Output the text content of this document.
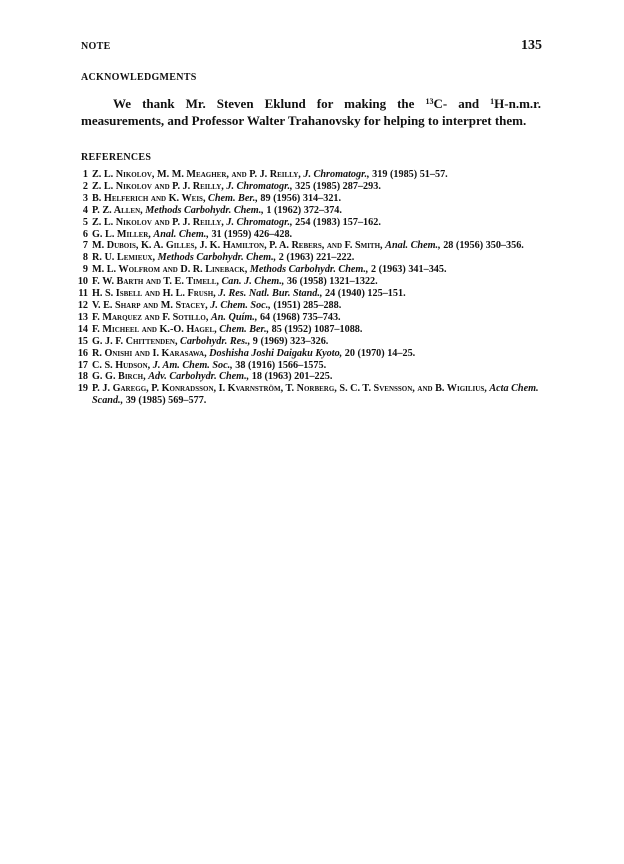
NOTE	135
ACKNOWLEDGMENTS

We thank Mr. Steven Eklund for making the $^{13}$C- and $^1$H-n.m.r. measurements, and Professor Walter Trahanovsky for helping to interpret them.

REFERENCES
1 Z. L. Nikolov, M. M. Meagher, and P. J. Reilly, J. Chromatogr., 319 (1985) 51–57.
2 Z. L. Nikolov and P. J. Reilly, J. Chromatogr., 325 (1985) 287–293.
3 B. Helferich and K. Weis, Chem. Ber., 89 (1956) 314–321.
4 P. Z. Allen, Methods Carbohydr. Chem., 1 (1962) 372–374.
5 Z. L. Nikolov and P. J. Reilly, J. Chromatogr., 254 (1983) 157–162.
6 G. L. Miller, Anal. Chem., 31 (1959) 426–428.
7 M. Dubois, K. A. Gilles, J. K. Hamilton, P. A. Rebers, and F. Smith, Anal. Chem., 28 (1956) 350–356.
8 R. U. Lemieux, Methods Carbohydr. Chem., 2 (1963) 221–222.
9 M. L. Wolfrom and D. R. Lineback, Methods Carbohydr. Chem., 2 (1963) 341–345.
10 F. W. Barth and T. E. Timell, Can. J. Chem., 36 (1958) 1321–1322.
11 H. S. Isbell and H. L. Frush, J. Res. Natl. Bur. Stand., 24 (1940) 125–151.
12 V. E. Sharp and M. Stacey, J. Chem. Soc., (1951) 285–288.
13 F. Marquez and F. Sotillo, An. Quím., 64 (1968) 735–743.
14 F. Micheel and K.-O. Hagel, Chem. Ber., 85 (1952) 1087–1088.
15 G. J. F. Chittenden, Carbohydr. Res., 9 (1969) 323–326.
16 R. Onishi and I. Karasawa, Doshisha Joshi Daigaku Kyoto, 20 (1970) 14–25.
17 C. S. Hudson, J. Am. Chem. Soc., 38 (1916) 1566–1575.
18 G. G. Birch, Adv. Carbohydr. Chem., 18 (1963) 201–225.
19 P. J. Garegg, P. Konradsson, I. Kvarnström, T. Norberg, S. C. T. Svensson, and B. Wigilius, Acta Chem. Scand., 39 (1985) 569–577.
